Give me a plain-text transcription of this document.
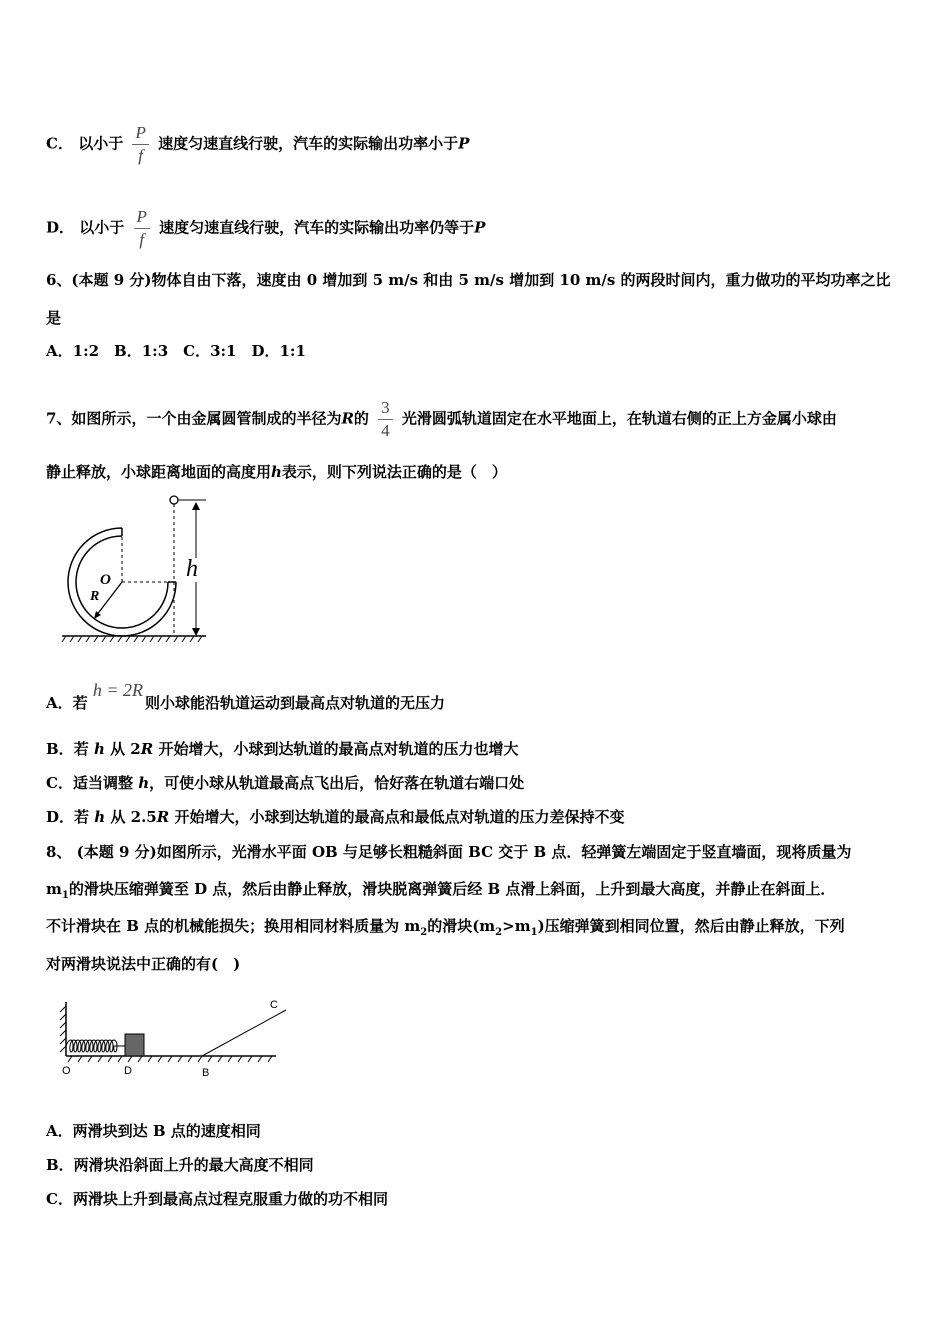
C． 以小于 $\frac{P}{f}$ 速度匀速直线行驶，汽车的实际输出功率小于P
D． 以小于 $\frac{P}{f}$ 速度匀速直线行驶，汽车的实际输出功率仍等于P
6、(本题 9 分)物体自由下落，速度由 0 增加到 5 m/s 和由 5 m/s 增加到 10 m/s 的两段时间内，重力做功的平均功率之比
是
A．1:2　B．1:3　C．3:1　D．1:1
7、如图所示，一个由金属圆管制成的半径为R的 $\frac{3}{4}$ 光滑圆弧轨道固定在水平地面上，在轨道右侧的正上方金属小球由
静止释放，小球距离地面的高度用h表示，则下列说法正确的是（　）
O
R
h
A．若 h = 2R则小球能沿轨道运动到最高点对轨道的无压力
B．若 h 从 2R 开始增大，小球到达轨道的最高点对轨道的压力也增大
C．适当调整 h，可使小球从轨道最高点飞出后，恰好落在轨道右端口处
D．若 h 从 2.5R 开始增大，小球到达轨道的最高点和最低点对轨道的压力差保持不变
8、 (本题 9 分)如图所示，光滑水平面 OB 与足够长粗糙斜面 BC 交于 B 点．轻弹簧左端固定于竖直墙面，现将质量为
$m_1$的滑块压缩弹簧至 D 点，然后由静止释放，滑块脱离弹簧后经 B 点滑上斜面，上升到最大高度，并静止在斜面上．
不计滑块在 B 点的机械能损失；换用相同材料质量为 $m_2$的滑块$(m_2>m_1)$压缩弹簧到相同位置，然后由静止释放，下列
对两滑块说法中正确的有(　)
O	D	B
C
A．两滑块到达 B 点的速度相同
B．两滑块沿斜面上升的最大高度不相同
C．两滑块上升到最高点过程克服重力做的功不相同
